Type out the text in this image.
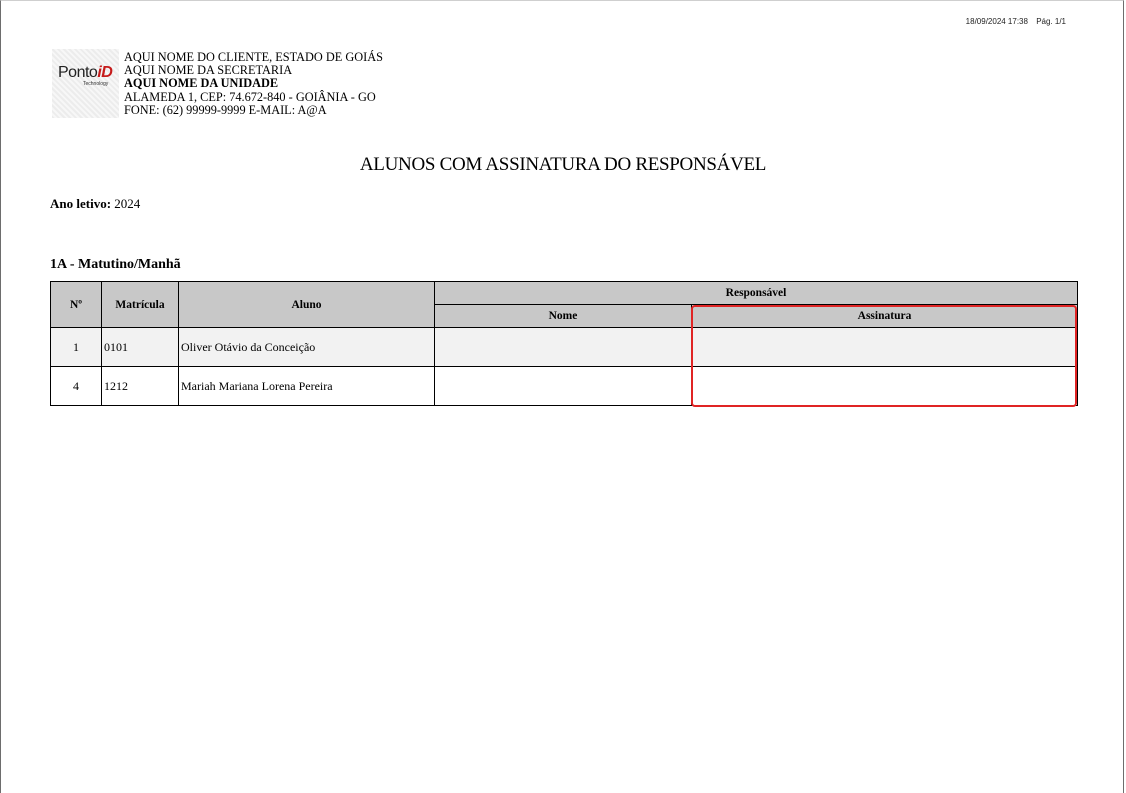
18/09/2024 17:38 Pág. 1/1
PontoiD
Technology
AQUI NOME DO CLIENTE, ESTADO DE GOIÁS
AQUI NOME DA SECRETARIA
AQUI NOME DA UNIDADE
ALAMEDA 1, CEP: 74.672-840 - GOIÂNIA - GO
FONE: (62) 99999-9999 E-MAIL: A@A
ALUNOS COM ASSINATURA DO RESPONSÁVEL
Ano letivo: 2024
1A - Matutino/Manhã
Nº	Matrícula	Aluno	Responsável	
			Nome	Assinatura
1	0101	Oliver Otávio da Conceição		
4	1212	Mariah Mariana Lorena Pereira		
